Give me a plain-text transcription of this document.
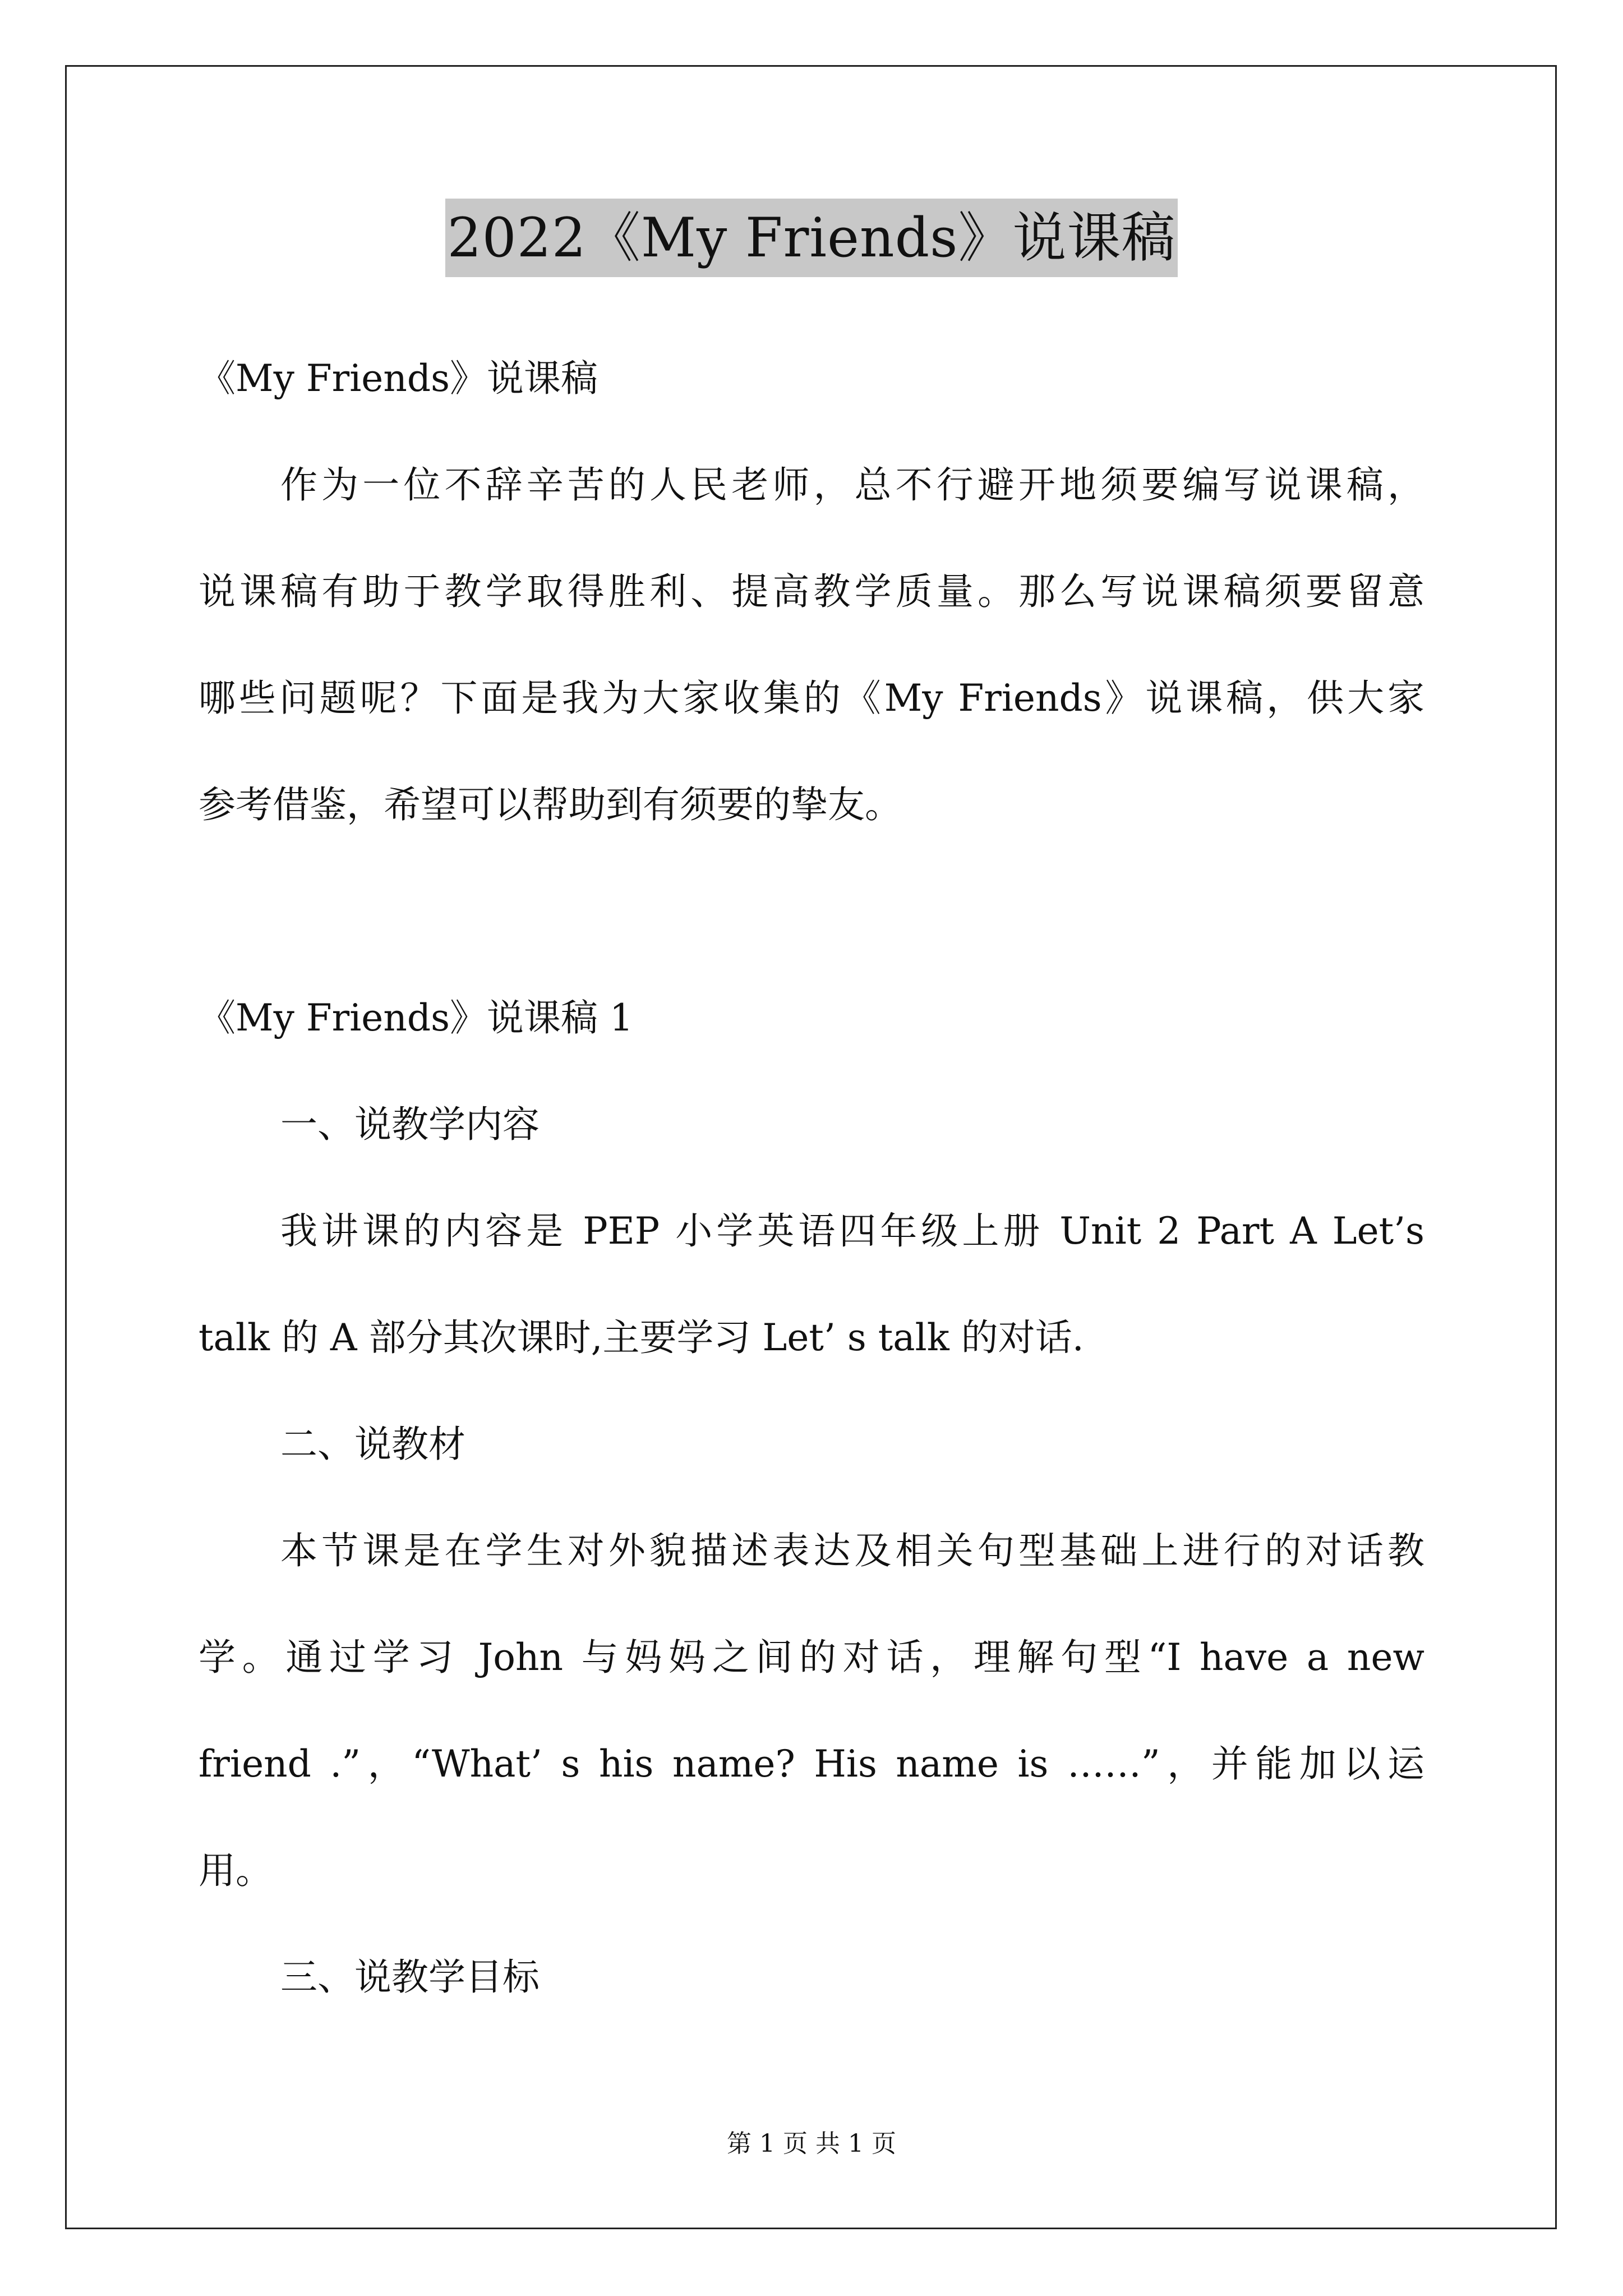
2022《My Friends》说课稿
《My Friends》说课稿
作为一位不辞辛苦的人民老师，总不行避开地须要编写说课稿，
说课稿有助于教学取得胜利、提高教学质量。那么写说课稿须要留意
哪些问题呢？下面是我为大家收集的《My Friends》说课稿，供大家
参考借鉴，希望可以帮助到有须要的挚友。
《My Friends》说课稿 1
一、说教学内容
我讲课的内容是 PEP 小学英语四年级上册 Unit 2 Part A Let’s
talk 的 A 部分其次课时,主要学习 Let’ s talk 的对话.
二、说教材
本节课是在学生对外貌描述表达及相关句型基础上进行的对话教
学。通过学习 John 与妈妈之间的对话，理解句型“I have a new
friend .”，“What’ s his name? His name is ……”，并能加以运
用。
三、说教学目标
第 1 页 共 1 页
